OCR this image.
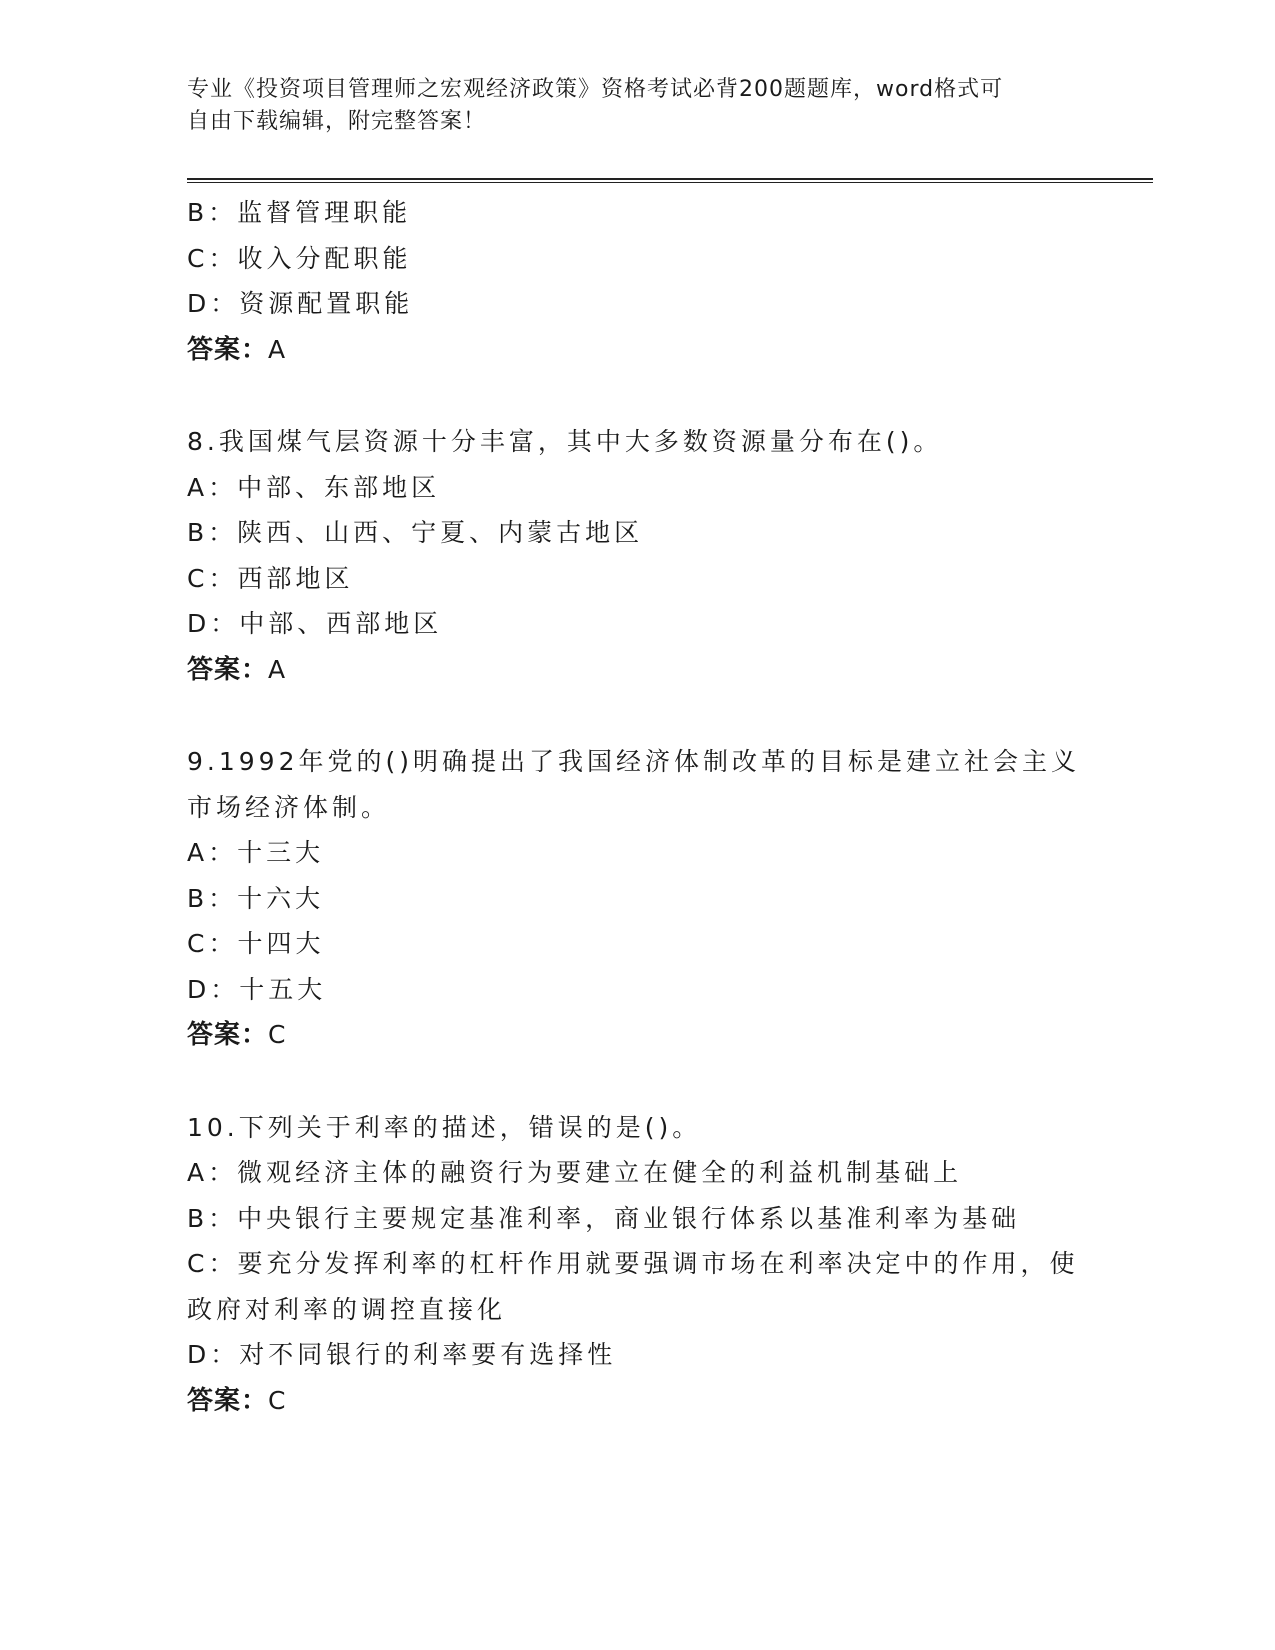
专业《投资项目管理师之宏观经济政策》资格考试必背200题题库，word格式可
自由下载编辑，附完整答案！
B：监督管理职能
C：收入分配职能
D：资源配置职能
答案：A
8.我国煤气层资源十分丰富，其中大多数资源量分布在()。
A：中部、东部地区
B：陕西、山西、宁夏、内蒙古地区
C：西部地区
D：中部、西部地区
答案：A
9.1992年党的()明确提出了我国经济体制改革的目标是建立社会主义
市场经济体制。
A：十三大
B：十六大
C：十四大
D：十五大
答案：C
10.下列关于利率的描述，错误的是()。
A：微观经济主体的融资行为要建立在健全的利益机制基础上
B：中央银行主要规定基准利率，商业银行体系以基准利率为基础
C：要充分发挥利率的杠杆作用就要强调市场在利率决定中的作用，使
政府对利率的调控直接化
D：对不同银行的利率要有选择性
答案：C
